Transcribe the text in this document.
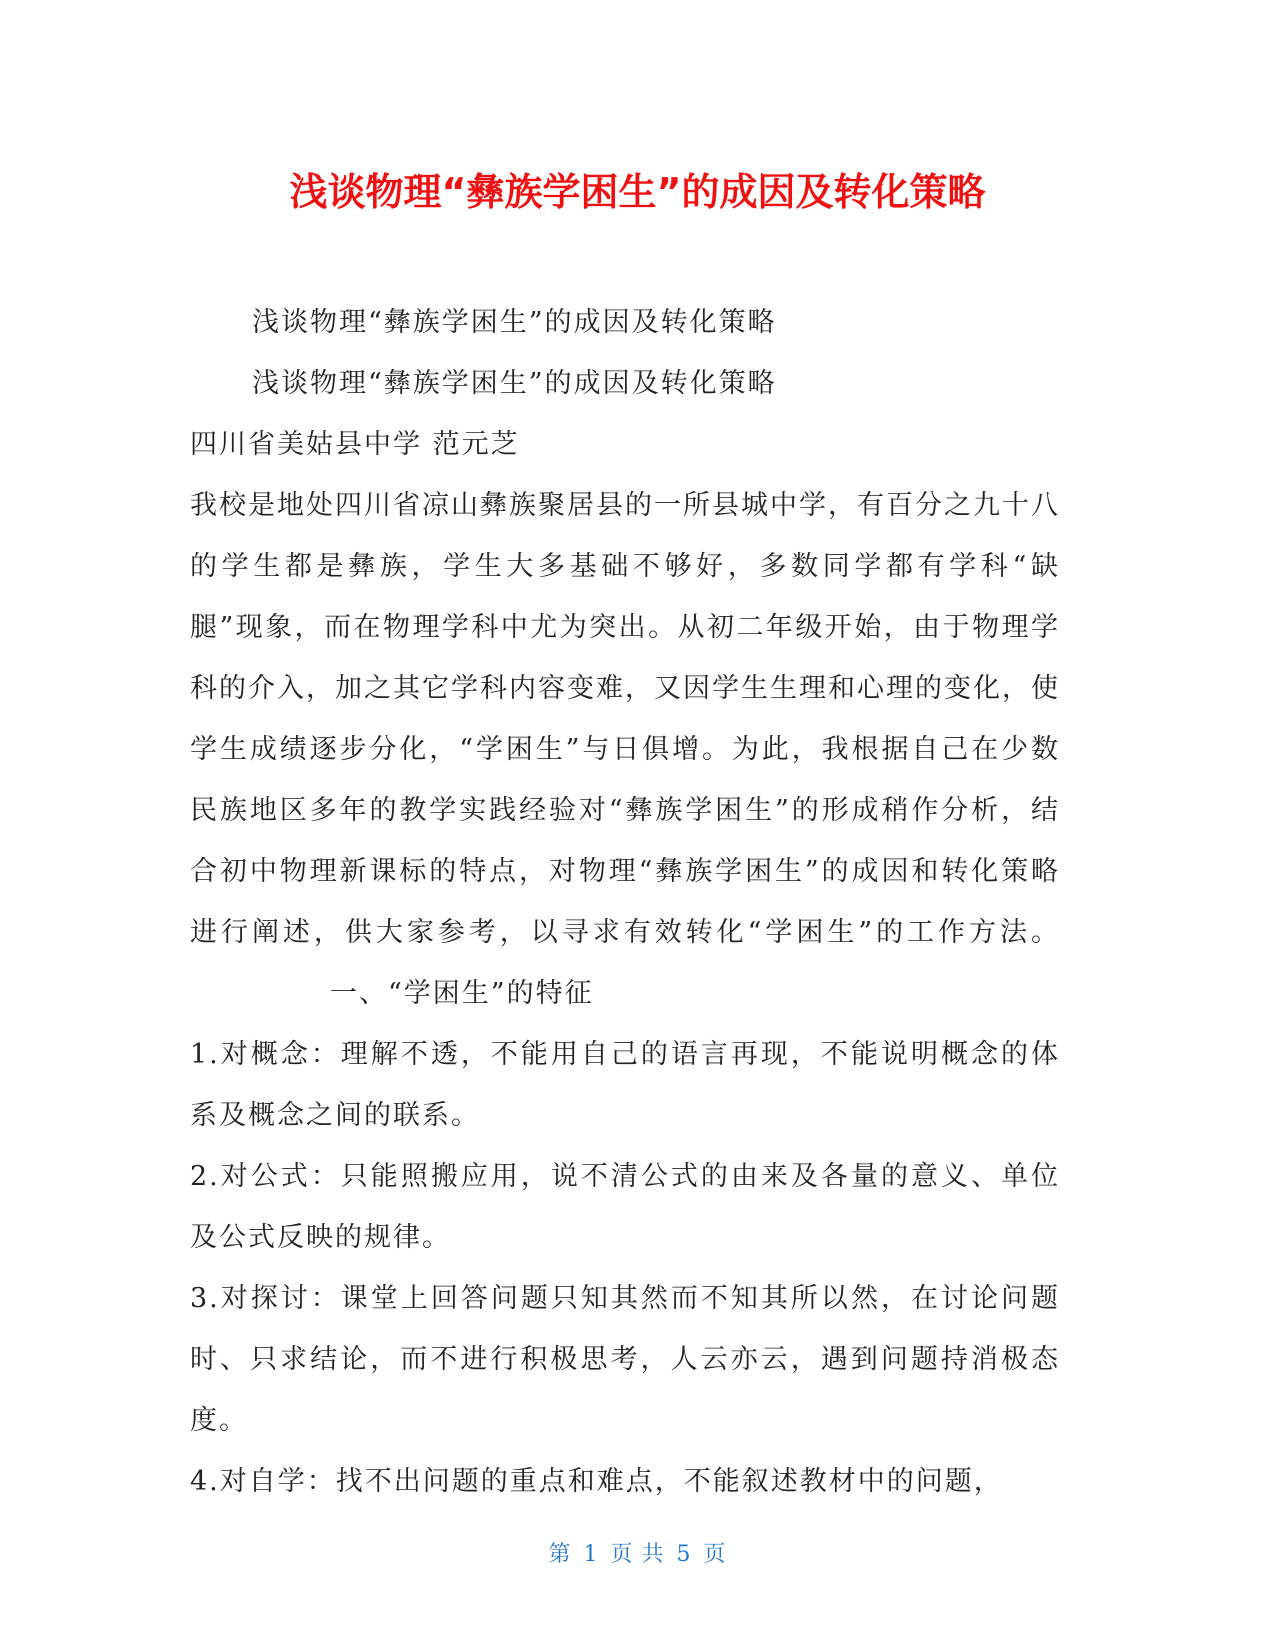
浅谈物理“彝族学困生”的成因及转化策略

浅谈物理“彝族学困生”的成因及转化策略

浅谈物理“彝族学困生”的成因及转化策略

四川省美姑县中学 范元芝

我校是地处四川省凉山彝族聚居县的一所县城中学，有百分之九十八的学生都是彝族，学生大多基础不够好，多数同学都有学科“缺腿”现象，而在物理学科中尤为突出。从初二年级开始，由于物理学科的介入，加之其它学科内容变难，又因学生生理和心理的变化，使学生成绩逐步分化，“学困生”与日俱增。为此，我根据自己在少数民族地区多年的教学实践经验对“彝族学困生”的形成稍作分析，结合初中物理新课标的特点，对物理“彝族学困生”的成因和转化策略进行阐述，供大家参考，以寻求有效转化“学困生”的工作方法。一、“学困生”的特征

1.对概念：理解不透，不能用自己的语言再现，不能说明概念的体系及概念之间的联系。

2.对公式：只能照搬应用，说不清公式的由来及各量的意义、单位及公式反映的规律。

3.对探讨：课堂上回答问题只知其然而不知其所以然，在讨论问题时、只求结论，而不进行积极思考，人云亦云，遇到问题持消极态度。

4.对自学：找不出问题的重点和难点，不能叙述教材中的问题，

第 1 页 共 5 页
